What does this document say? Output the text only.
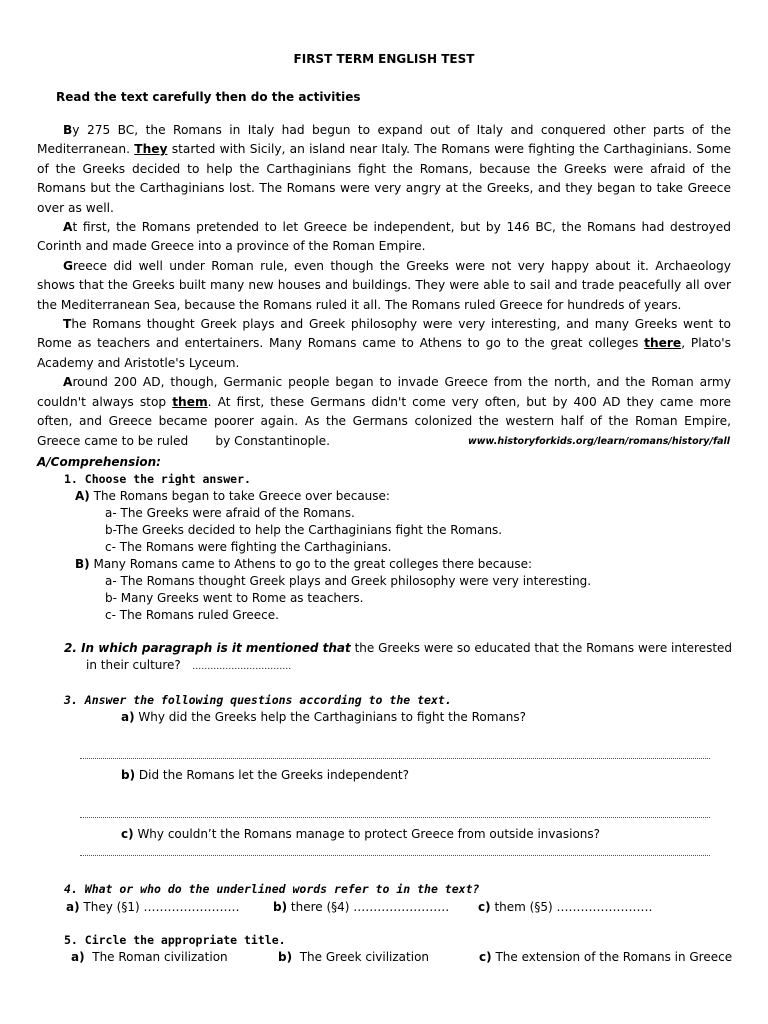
FIRST TERM ENGLISH TEST
Read the text carefully then do the activities

By 275 BC, the Romans in Italy had begun to expand out of Italy and conquered other parts of the Mediterranean. They started with Sicily, an island near Italy. The Romans were fighting the Carthaginians. Some of the Greeks decided to help the Carthaginians fight the Romans, because the Greeks were afraid of the Romans but the Carthaginians lost. The Romans were very angry at the Greeks, and they began to take Greece over as well.

At first, the Romans pretended to let Greece be independent, but by 146 BC, the Romans had destroyed Corinth and made Greece into a province of the Roman Empire.

Greece did well under Roman rule, even though the Greeks were not very happy about it. Archaeology shows that the Greeks built many new houses and buildings. They were able to sail and trade peacefully all over the Mediterranean Sea, because the Romans ruled it all. The Romans ruled Greece for hundreds of years.

The Romans thought Greek plays and Greek philosophy were very interesting, and many Greeks went to Rome as teachers and entertainers. Many Romans came to Athens to go to the great colleges there, Plato's Academy and Aristotle's Lyceum.

Around 200 AD, though, Germanic people began to invade Greece from the north, and the Roman army couldn't always stop them. At first, these Germans didn't come very often, but by 400 AD they came more often, and Greece became poorer again. As the Germans colonized the western half of the Roman Empire, Greece came to be ruled       by Constantinople.	www.historyforkids.org/learn/romans/history/fall
A/Comprehension:
1. Choose the right answer.
A) The Romans began to take Greece over because:
a- The Greeks were afraid of the Romans.
b-The Greeks decided to help the Carthaginians fight the Romans.
c- The Romans were fighting the Carthaginians.
B) Many Romans came to Athens to go to the great colleges there because:
a- The Romans thought Greek plays and Greek philosophy were very interesting.
b- Many Greeks went to Rome as teachers.
c- The Romans ruled Greece.
2. In which paragraph is it mentioned that the Greeks were so educated that the Romans were interested
in their culture? ……………………………
3. Answer the following questions according to the text.
a) Why did the Greeks help the Carthaginians to fight the Romans?
b) Did the Romans let the Greeks independent?
c) Why couldn’t the Romans manage to protect Greece from outside invasions?
4. What or who do the underlined words refer to in the text?
a) They (§1) ……………………	b) there (§4) …………………… c) them (§5) ……………………
5. Circle the appropriate title.
a) The Roman civilization	b) The Greek civilization	c) The extension of the Romans in Greece
